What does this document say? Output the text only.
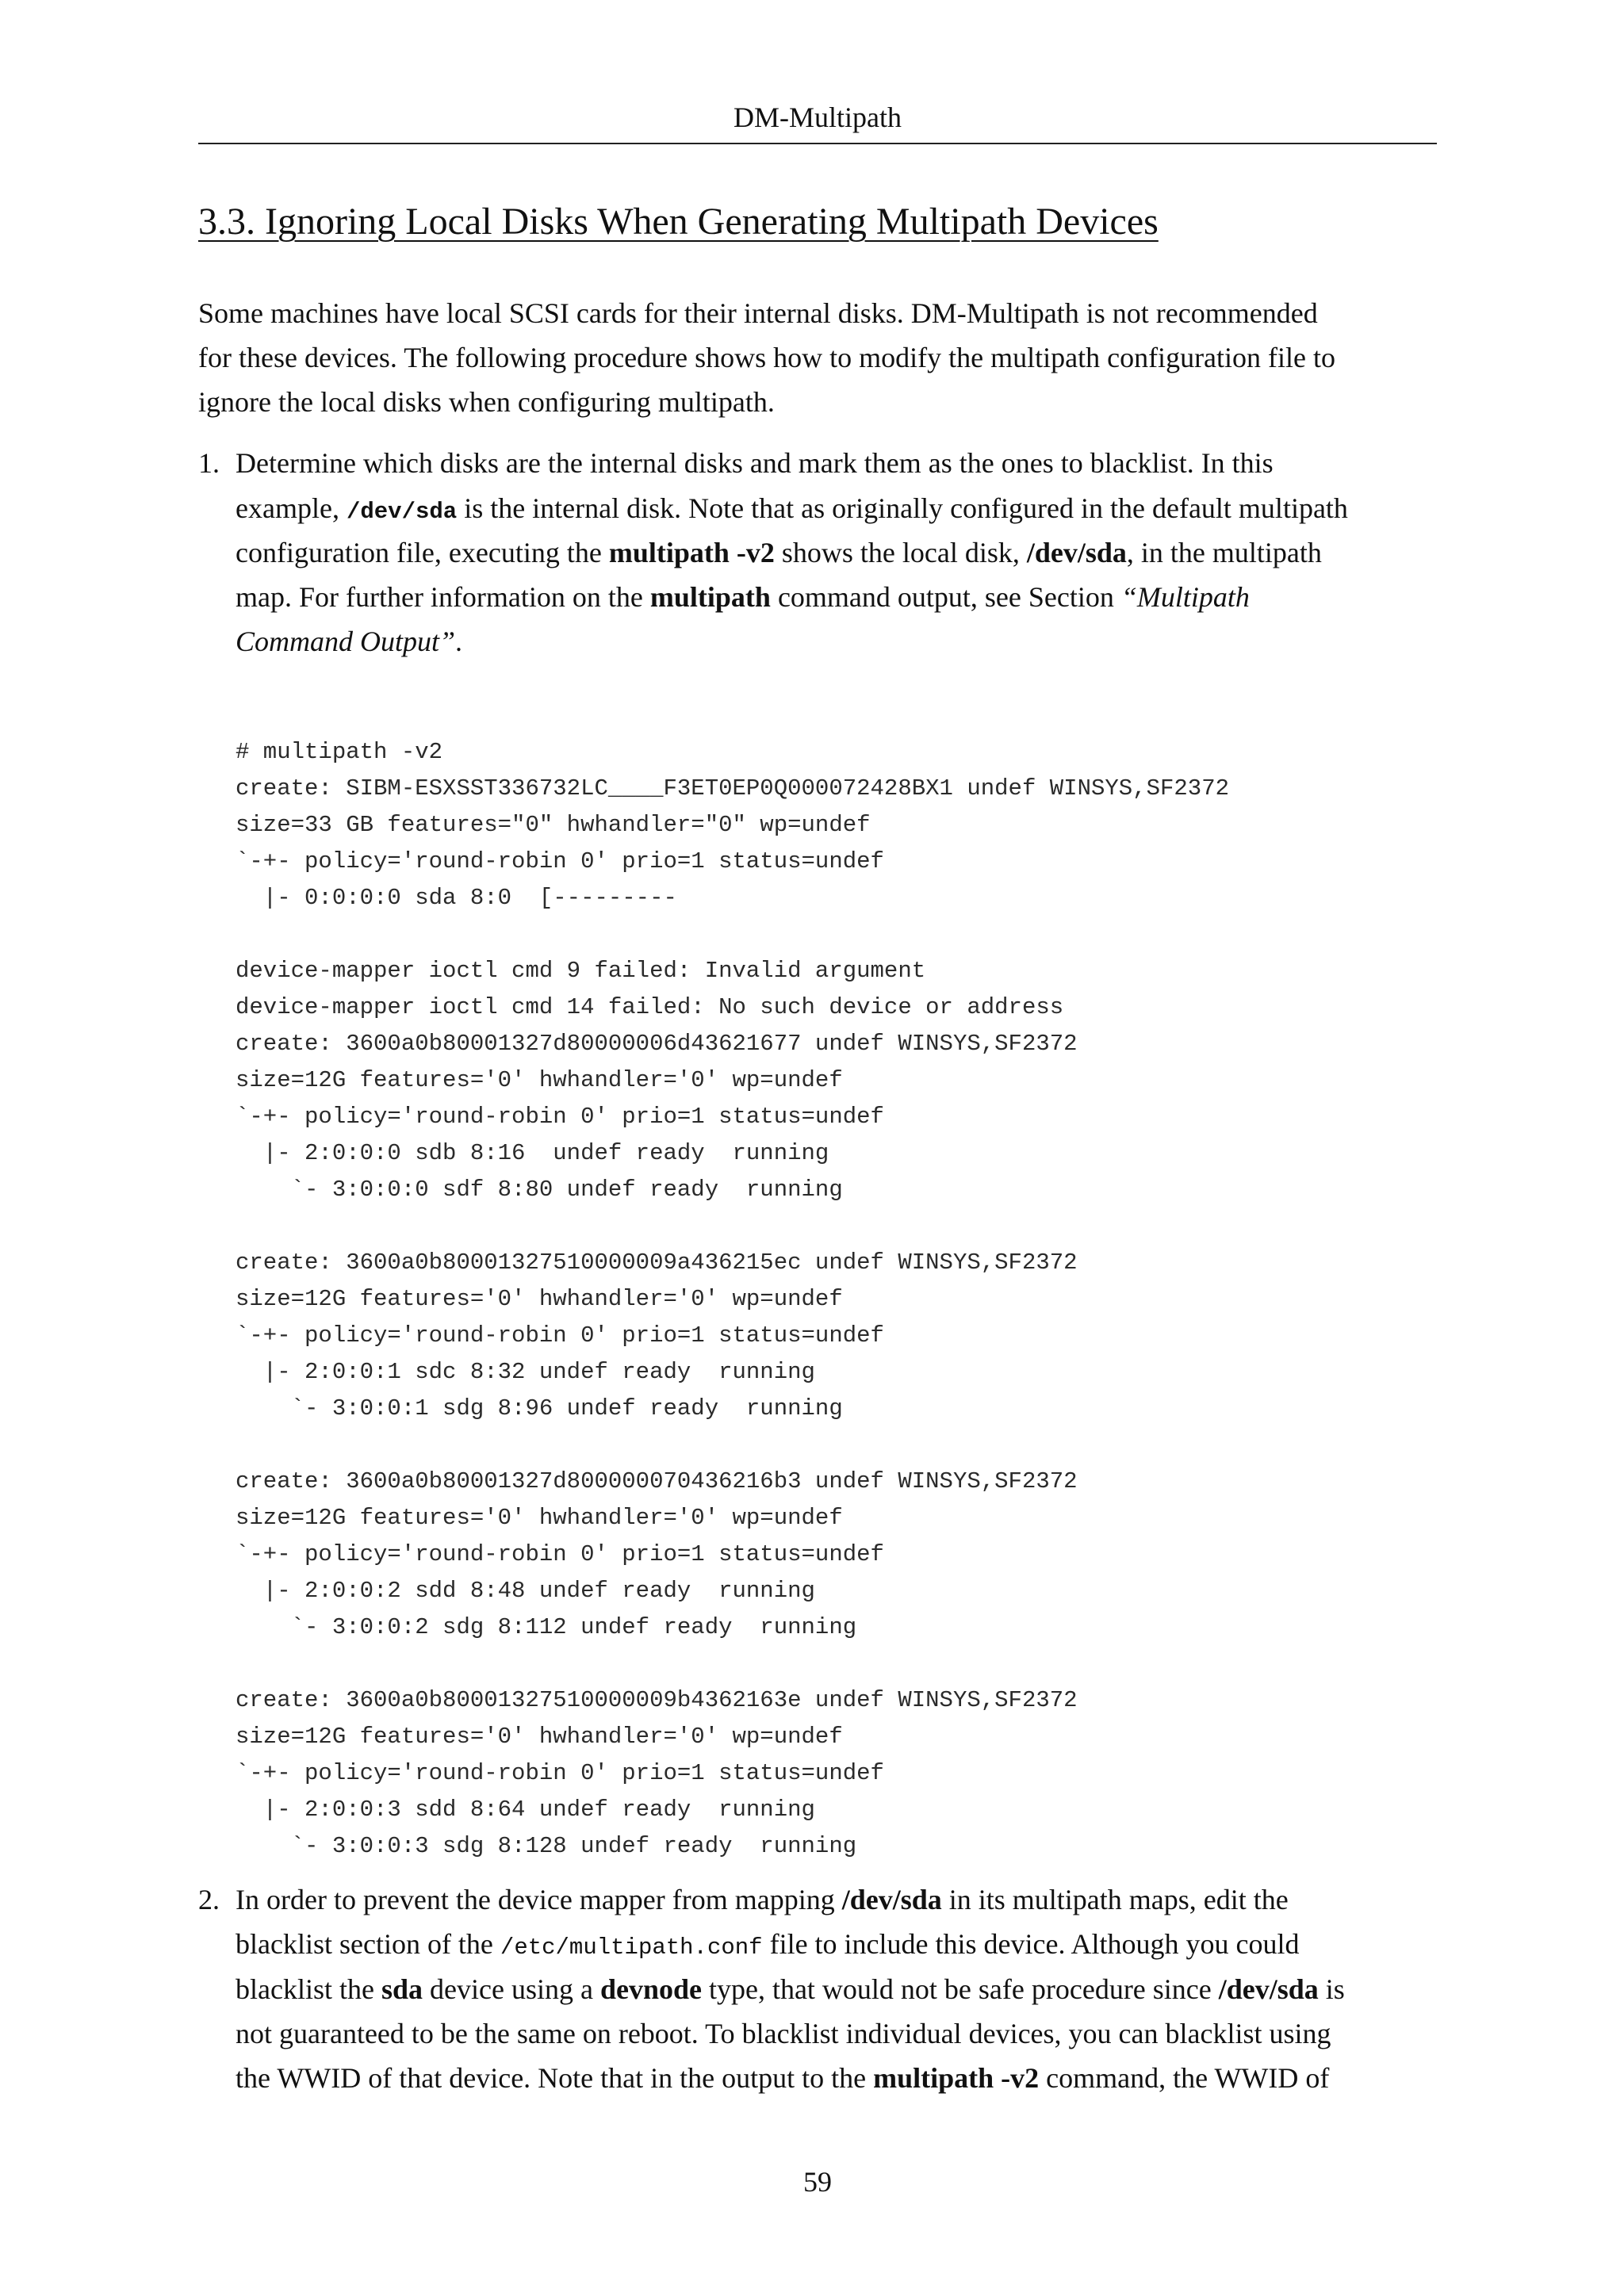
DM-Multipath
3.3. Ignoring Local Disks When Generating Multipath Devices
Some machines have local SCSI cards for their internal disks. DM-Multipath is not recommended
for these devices. The following procedure shows how to modify the multipath configuration file to
ignore the local disks when configuring multipath.
1. Determine which disks are the internal disks and mark them as the ones to blacklist. In this
example, /dev/sda is the internal disk. Note that as originally configured in the default multipath
configuration file, executing the multipath -v2 shows the local disk, /dev/sda, in the multipath
map. For further information on the multipath command output, see Section “Multipath
Command Output”.
# multipath -v2
create: SIBM-ESXSST336732LC____F3ET0EP0Q000072428BX1 undef WINSYS,SF2372
size=33 GB features="0" hwhandler="0" wp=undef
`-+- policy='round-robin 0' prio=1 status=undef
|- 0:0:0:0 sda 8:0  [---------
device-mapper ioctl cmd 9 failed: Invalid argument
device-mapper ioctl cmd 14 failed: No such device or address
create: 3600a0b80001327d80000006d43621677 undef WINSYS,SF2372
size=12G features='0' hwhandler='0' wp=undef
`-+- policy='round-robin 0' prio=1 status=undef
|- 2:0:0:0 sdb 8:16  undef ready  running
`- 3:0:0:0 sdf 8:80 undef ready  running
create: 3600a0b80001327510000009a436215ec undef WINSYS,SF2372
size=12G features='0' hwhandler='0' wp=undef
`-+- policy='round-robin 0' prio=1 status=undef
|- 2:0:0:1 sdc 8:32 undef ready  running
`- 3:0:0:1 sdg 8:96 undef ready  running
create: 3600a0b80001327d800000070436216b3 undef WINSYS,SF2372
size=12G features='0' hwhandler='0' wp=undef
`-+- policy='round-robin 0' prio=1 status=undef
|- 2:0:0:2 sdd 8:48 undef ready  running
`- 3:0:0:2 sdg 8:112 undef ready  running
create: 3600a0b80001327510000009b4362163e undef WINSYS,SF2372
size=12G features='0' hwhandler='0' wp=undef
`-+- policy='round-robin 0' prio=1 status=undef
|- 2:0:0:3 sdd 8:64 undef ready  running
`- 3:0:0:3 sdg 8:128 undef ready  running
2. In order to prevent the device mapper from mapping /dev/sda in its multipath maps, edit the
blacklist section of the /etc/multipath.conf file to include this device. Although you could
blacklist the sda device using a devnode type, that would not be safe procedure since /dev/sda is
not guaranteed to be the same on reboot. To blacklist individual devices, you can blacklist using
the WWID of that device. Note that in the output to the multipath -v2 command, the WWID of
59
